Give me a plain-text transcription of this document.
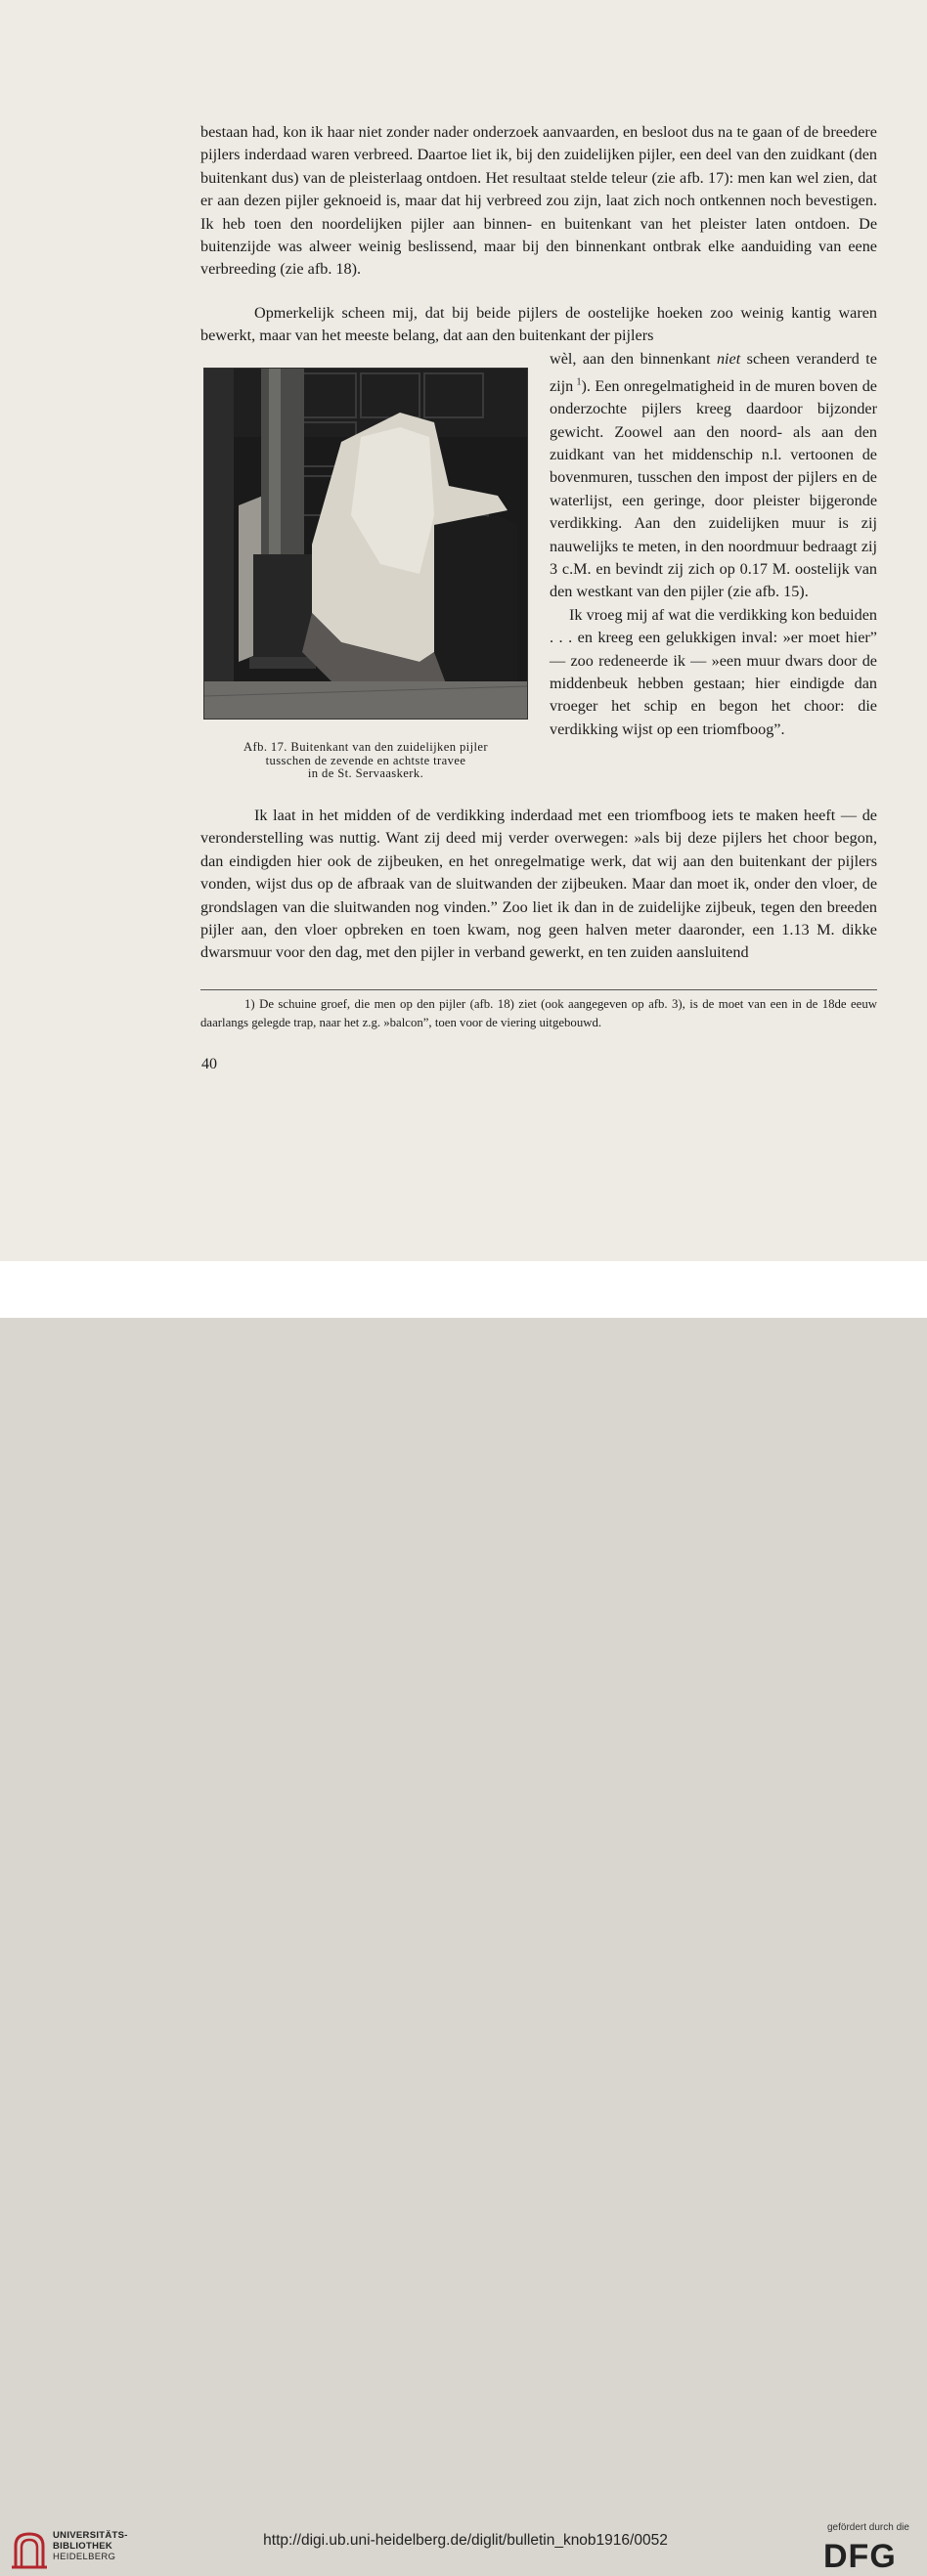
bestaan had, kon ik haar niet zonder nader onderzoek aanvaarden, en besloot dus na te gaan of de breedere pijlers inderdaad waren verbreed. Daartoe liet ik, bij den zuidelijken pijler, een deel van den zuidkant (den buitenkant dus) van de pleisterlaag ontdoen. Het resultaat stelde teleur (zie afb. 17): men kan wel zien, dat er aan dezen pijler geknoeid is, maar dat hij verbreed zou zijn, laat zich noch ontkennen noch bevestigen. Ik heb toen den noordelijken pijler aan binnen- en buitenkant van het pleister laten ontdoen. De buitenzijde was alweer weinig beslissend, maar bij den binnenkant ontbrak elke aanduiding van eene verbreeding (zie afb. 18).

Opmerkelijk scheen mij, dat bij beide pijlers de oostelijke hoeken zoo weinig kantig waren bewerkt, maar van het meeste belang, dat aan den buitenkant der pijlers

wèl, aan den binnenkant niet scheen veranderd te zijn  $^1$). Een onregelmatigheid in de muren boven de onderzochte pijlers kreeg daardoor bijzonder gewicht. Zoowel aan den noord- als aan den zuidkant van het middenschip n.l. vertoonen de bovenmuren, tusschen den impost der pijlers en de waterlijst, een geringe, door pleister bijgeronde verdikking. Aan den zuidelijken muur is zij nauwelijks te meten, in den noordmuur bedraagt zij 3 c.M. en bevindt zij zich op 0.17 M. oostelijk van den westkant van den pijler (zie afb. 15).
Ik vroeg mij af wat die verdikking kon beduiden . . . en kreeg een gelukkigen inval: »er moet hier” — zoo redeneerde ik — »een muur dwars door de middenbeuk hebben gestaan; hier eindigde dan vroeger het schip en begon het choor: die verdikking wijst op een triomfboog”.

Afb. 17. Buitenkant van den zuidelijken pijler
tusschen de zevende en achtste travee
in de St. Servaaskerk.

Ik laat in het midden of de verdikking inderdaad met een triomfboog iets te maken heeft — de veronderstelling was nuttig. Want zij deed mij verder overwegen: »als bij deze pijlers het choor begon, dan eindigden hier ook de zijbeuken, en het onregelmatige werk, dat wij aan den buitenkant der pijlers vonden, wijst dus op de afbraak van de sluitwanden der zijbeuken. Maar dan moet ik, onder den vloer, de grondslagen van die sluitwanden nog vinden.” Zoo liet ik dan in de zuidelijke zijbeuk, tegen den breeden pijler aan, den vloer opbreken en toen kwam, nog geen halven meter daaronder, een 1.13 M. dikke dwarsmuur voor den dag, met den pijler in verband gewerkt, en ten zuiden aansluitend

1) De schuine groef, die men op den pijler (afb. 18) ziet (ook aangegeven op afb. 3), is de moet van een in de 18de eeuw daarlangs gelegde trap, naar het z.g. »balcon”, toen voor de viering uitgebouwd.

40
UNIVERSITÄTS-
BIBLIOTHEK
HEIDELBERG
http://digi.ub.uni-heidelberg.de/diglit/bulletin_knob1916/0052
gefördert durch die
DFG
